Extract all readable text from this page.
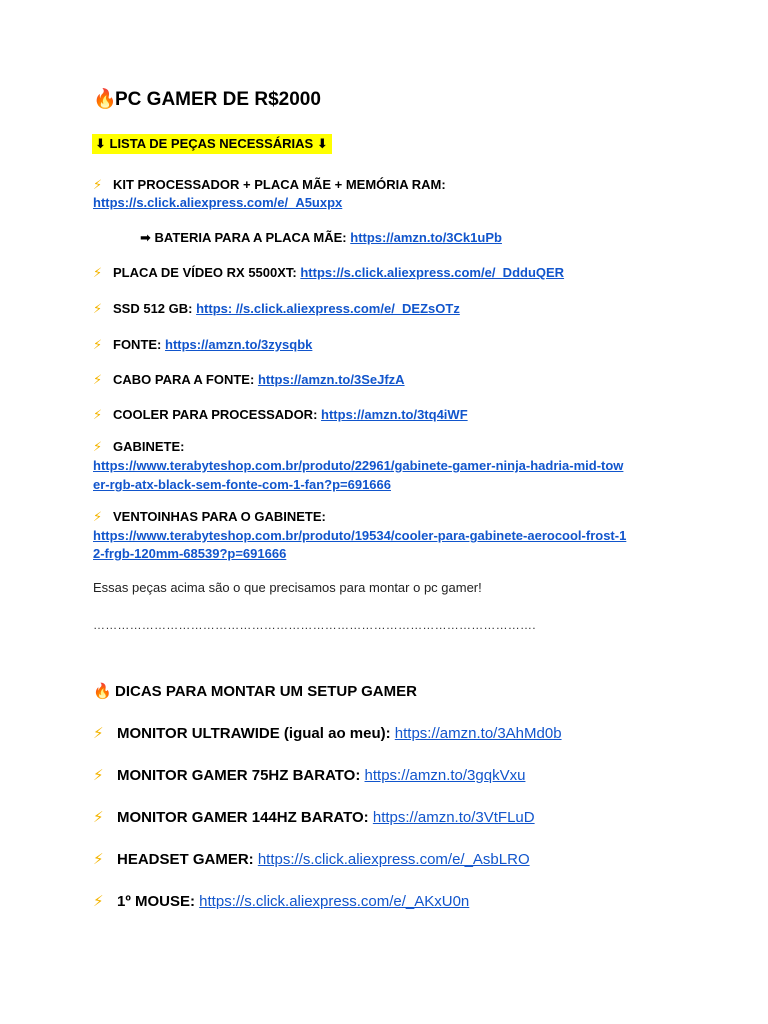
🔥PC GAMER DE R$2000
⬇ LISTA DE PEÇAS NECESSÁRIAS ⬇
⚡ KIT PROCESSADOR + PLACA MÃE + MEMÓRIA RAM:
https://s.click.aliexpress.com/e/_A5uxpx
➡ BATERIA PARA A PLACA MÃE: https://amzn.to/3Ck1uPb
⚡ PLACA DE VÍDEO RX 5500XT: https://s.click.aliexpress.com/e/_DdduQER
⚡ SSD 512 GB: https: //s.click.aliexpress.com/e/_DEZsOTz
⚡ FONTE: https://amzn.to/3zysqbk
⚡ CABO PARA A FONTE: https://amzn.to/3SeJfzA
⚡ COOLER PARA PROCESSADOR: https://amzn.to/3tq4iWF
⚡ GABINETE:
https://www.terabyteshop.com.br/produto/22961/gabinete-gamer-ninja-hadria-mid-tow
er-rgb-atx-black-sem-fonte-com-1-fan?p=691666
⚡ VENTOINHAS PARA O GABINETE:
https://www.terabyteshop.com.br/produto/19534/cooler-para-gabinete-aerocool-frost-1
2-frgb-120mm-68539?p=691666
Essas peças acima são o que precisamos para montar o pc gamer!
……………………………………………………………………………………………….
🔥 DICAS PARA MONTAR UM SETUP GAMER
⚡ MONITOR ULTRAWIDE (igual ao meu): https://amzn.to/3AhMd0b
⚡ MONITOR GAMER 75HZ BARATO: https://amzn.to/3gqkVxu
⚡ MONITOR GAMER 144HZ BARATO: https://amzn.to/3VtFLuD
⚡ HEADSET GAMER: https://s.click.aliexpress.com/e/_AsbLRO
⚡ 1º MOUSE: https://s.click.aliexpress.com/e/_AKxU0n
